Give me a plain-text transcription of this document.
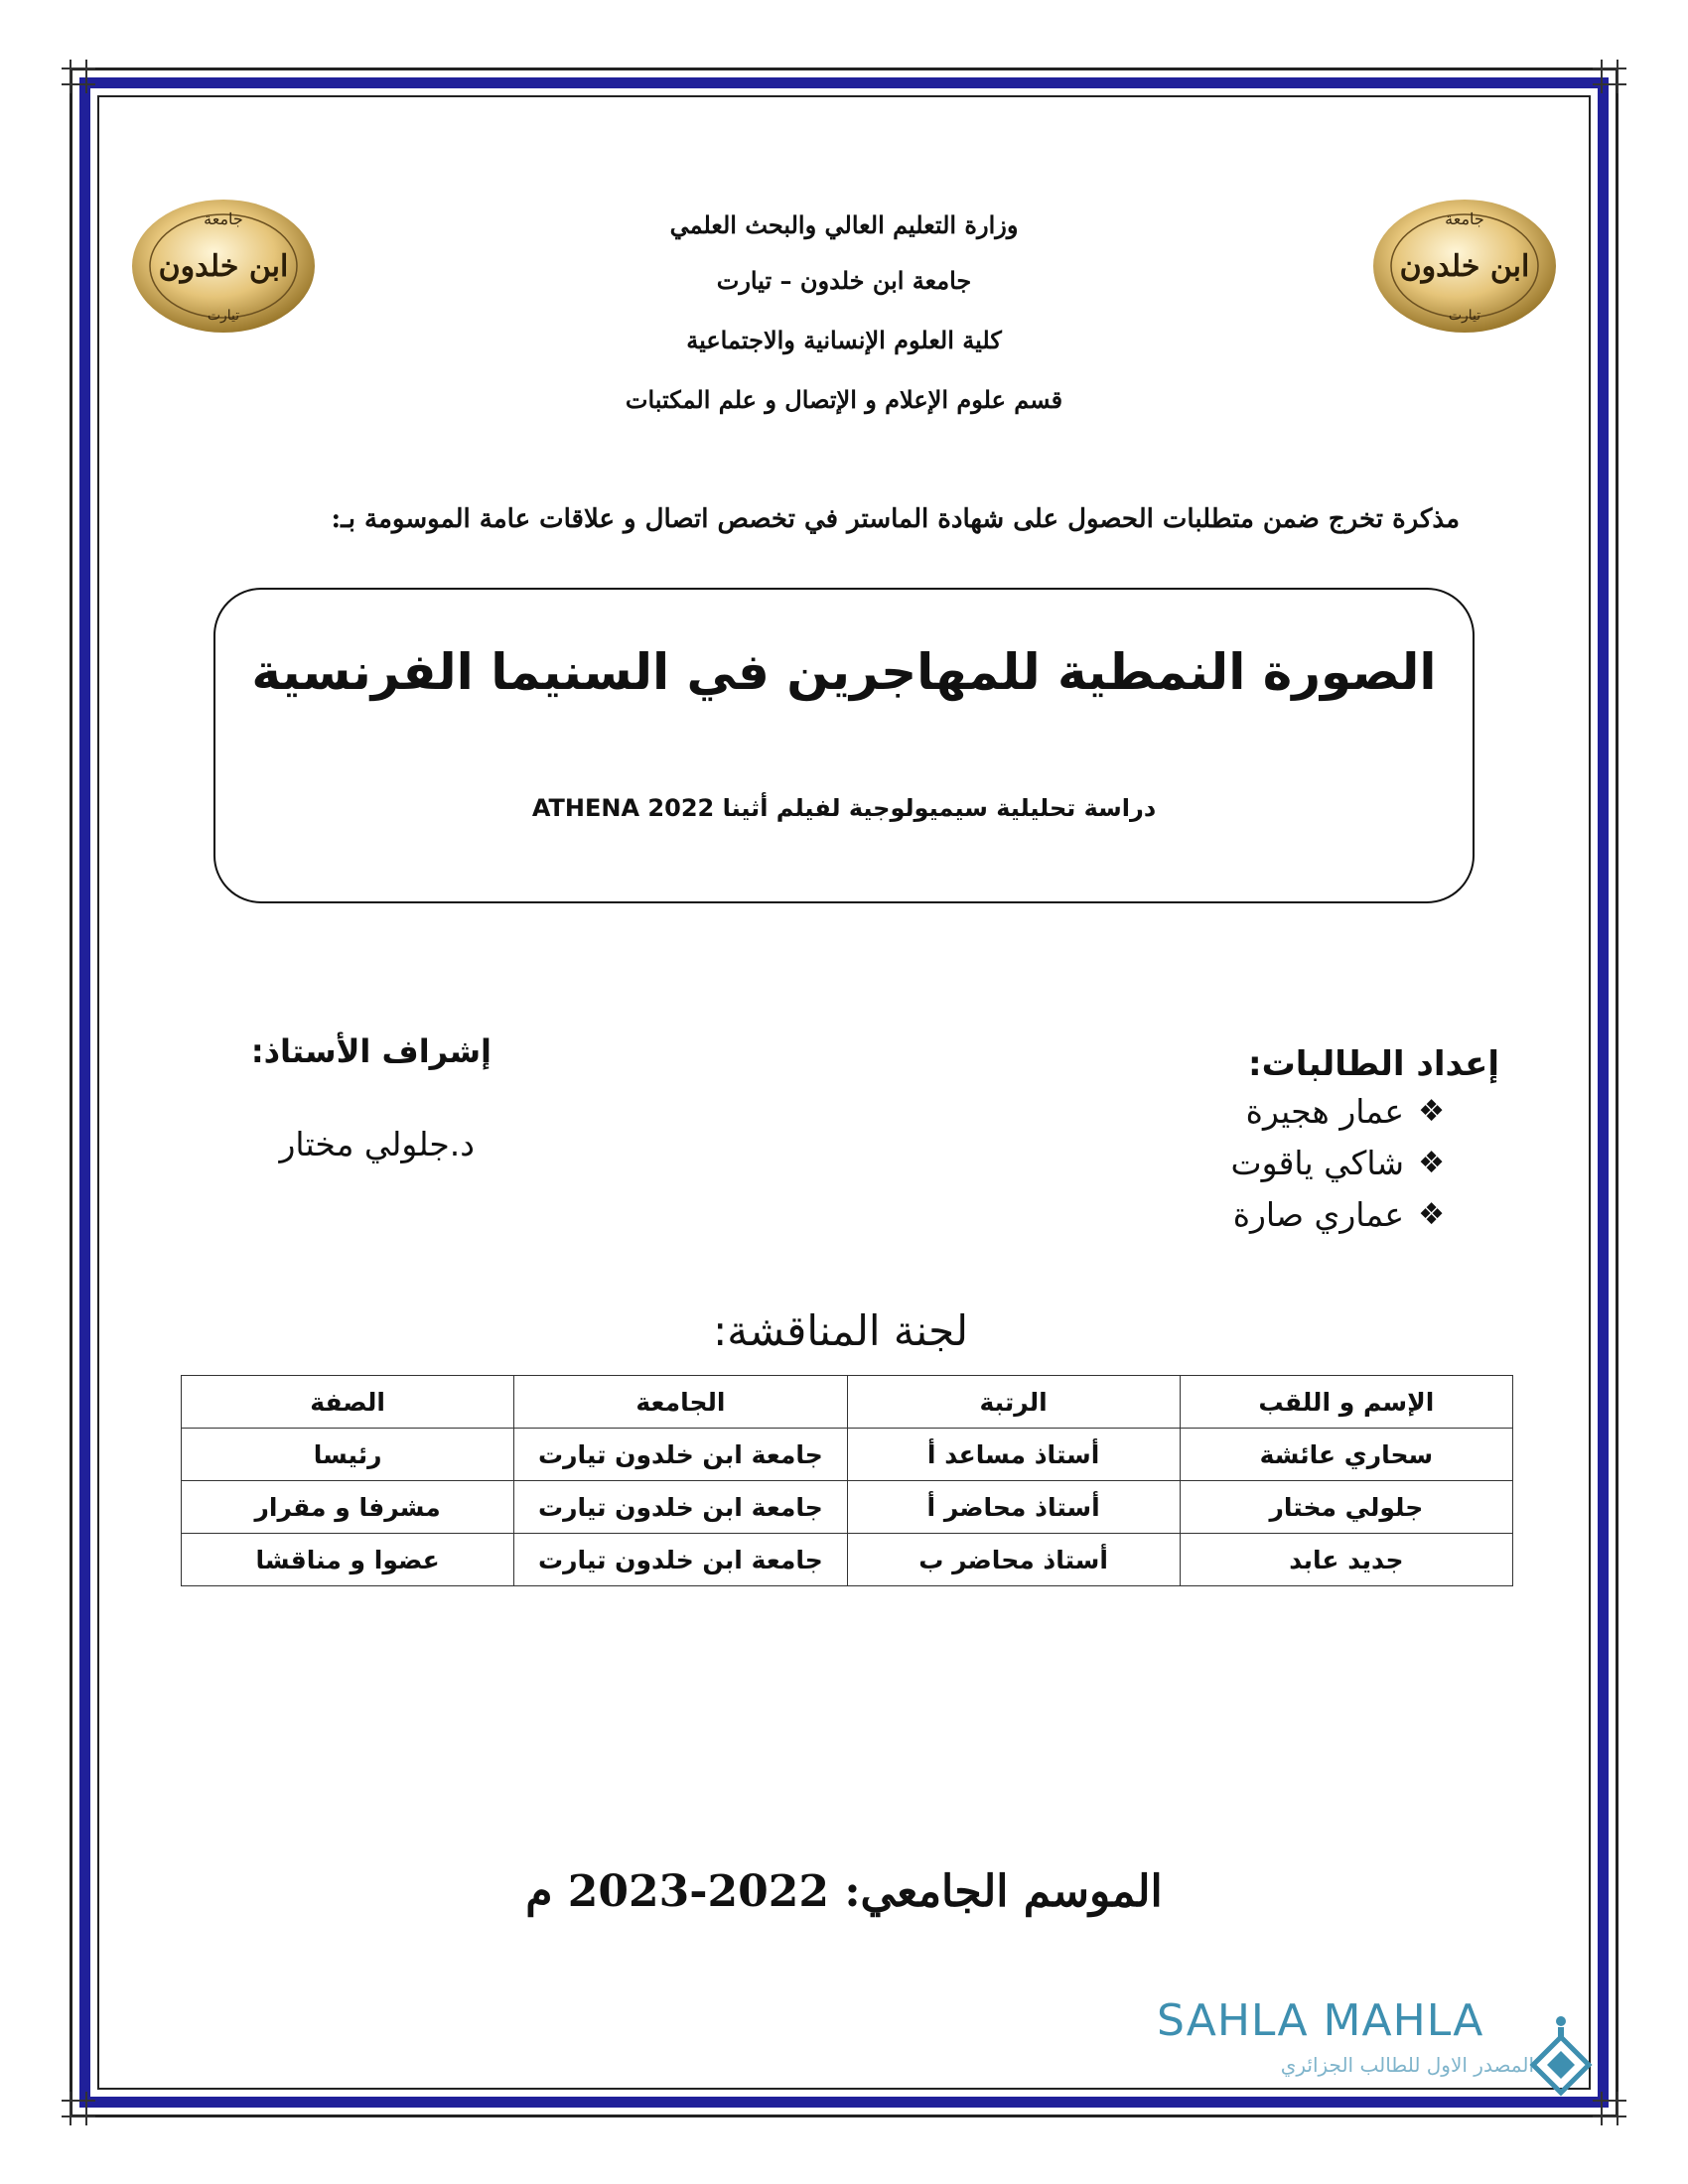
جامعة
ابن خلدون
تيارت
جامعة
ابن خلدون
تيارت
وزارة التعليم العالي والبحث العلمي
جامعة ابن خلدون – تيارت
كلية العلوم الإنسانية والاجتماعية
قسم علوم الإعلام و الإتصال و علم المكتبات
مذكرة تخرج ضمن متطلبات الحصول على شهادة الماستر في تخصص اتصال و علاقات عامة الموسومة بـ:
الصورة النمطية للمهاجرين في السنيما الفرنسية
دراسة تحليلية سيميولوجية لفيلم أثينا ATHENA 2022
إعداد الطالبات:
❖
عمار هجيرة
❖
شاكي ياقوت
❖
عماري صارة
إشراف الأستاذ:
د.جلولي مختار
لجنة المناقشة:
الإسم و اللقب	الرتبة	الجامعة	الصفة
سحاري عائشة	أستاذ مساعد أ	جامعة ابن خلدون تيارت	رئيسا
جلولي مختار	أستاذ محاضر أ	جامعة ابن خلدون تيارت	مشرفا و مقرار
جديد عابد	أستاذ محاضر ب	جامعة ابن خلدون تيارت	عضوا و مناقشا
الموسم الجامعي: 2022-2023 م
SAHLA MAHLA
المصدر الاول للطالب الجزائري
